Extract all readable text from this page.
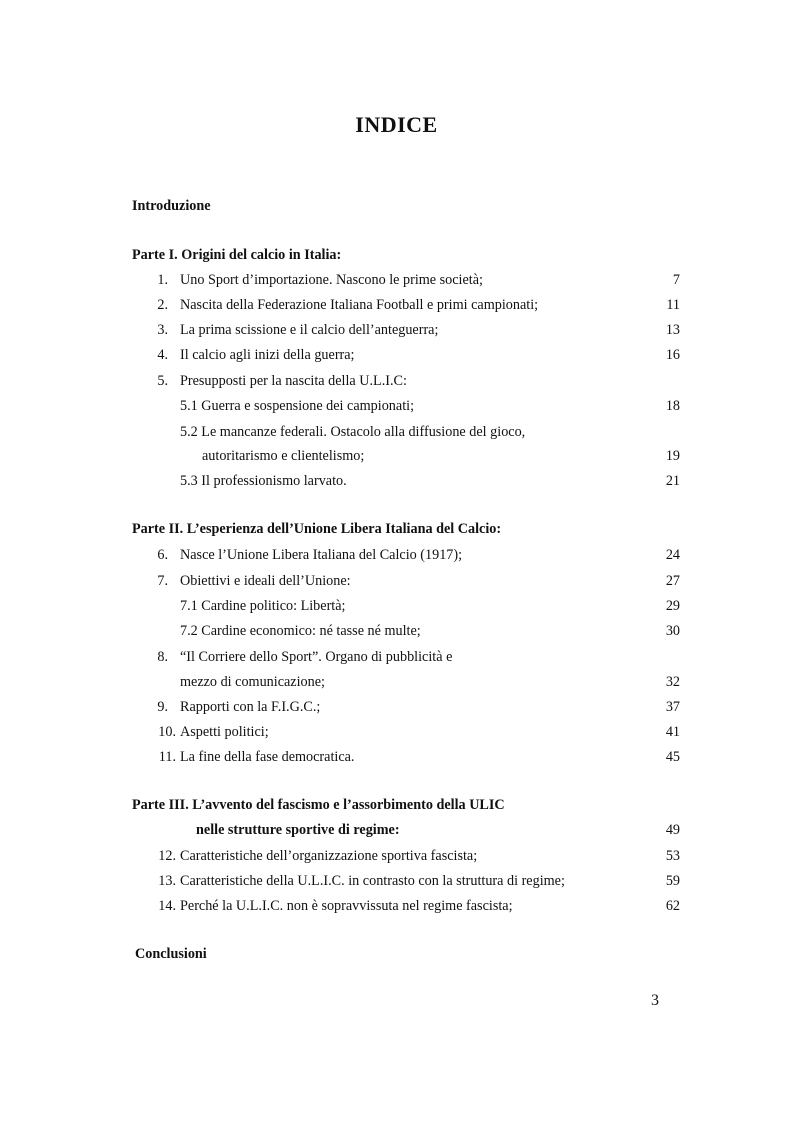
INDICE
Introduzione
Parte I. Origini del calcio in Italia:
1. Uno Sport d’importazione. Nascono le prime società;	7
2. Nascita della Federazione Italiana Football e primi campionati;	11
3. La prima scissione e il calcio dell’anteguerra;	13
4. Il calcio agli inizi della guerra;	16
5. Presupposti per la nascita della U.L.I.C:
5.1 Guerra e sospensione dei campionati;	18
5.2 Le mancanze federali. Ostacolo alla diffusione del gioco,
autoritarismo e clientelismo;	19
5.3 Il professionismo larvato.	21
Parte II. L’esperienza dell’Unione Libera Italiana del Calcio:
6. Nasce l’Unione Libera Italiana del Calcio (1917);	24
7. Obiettivi e ideali dell’Unione:	27
7.1 Cardine politico: Libertà;	29
7.2 Cardine economico: né tasse né multe;	30
8. “Il Corriere dello Sport”. Organo di pubblicità e
mezzo di comunicazione;	32
9. Rapporti con la F.I.G.C.;	37
10. Aspetti politici;	41
11. La fine della fase democratica.	45
Parte III. L’avvento del fascismo e l’assorbimento della ULIC
nelle strutture sportive di regime:	49
12. Caratteristiche dell’organizzazione sportiva fascista;	53
13. Caratteristiche della U.L.I.C. in contrasto con la struttura di regime;	59
14. Perché la U.L.I.C. non è sopravvissuta nel regime fascista;	62
Conclusioni
3
